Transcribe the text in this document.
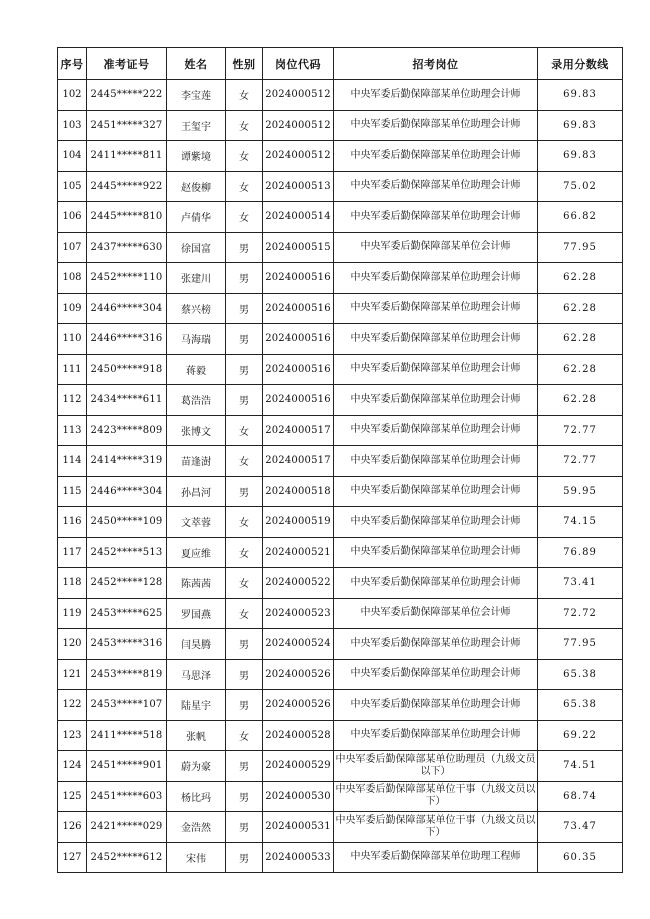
序号	准考证号	姓名	性别	岗位代码	招考岗位	录用分数线
102	2445*****222	李宝莲	女	2024000512	中央军委后勤保障部某单位助理会计师	69.83
103	2451*****327	王玺宇	女	2024000512	中央军委后勤保障部某单位助理会计师	69.83
104	2411*****811	谭紫境	女	2024000512	中央军委后勤保障部某单位助理会计师	69.83
105	2445*****922	赵俊柳	女	2024000513	中央军委后勤保障部某单位助理会计师	75.02
106	2445*****810	卢倩华	女	2024000514	中央军委后勤保障部某单位助理会计师	66.82
107	2437*****630	徐国富	男	2024000515	中央军委后勤保障部某单位会计师	77.95
108	2452*****110	张建川	男	2024000516	中央军委后勤保障部某单位助理会计师	62.28
109	2446*****304	蔡兴榜	男	2024000516	中央军委后勤保障部某单位助理会计师	62.28
110	2446*****316	马海瑞	男	2024000516	中央军委后勤保障部某单位助理会计师	62.28
111	2450*****918	蒋毅	男	2024000516	中央军委后勤保障部某单位助理会计师	62.28
112	2434*****611	葛浩浩	男	2024000516	中央军委后勤保障部某单位助理会计师	62.28
113	2423*****809	张博文	女	2024000517	中央军委后勤保障部某单位助理会计师	72.77
114	2414*****319	苗逢澍	女	2024000517	中央军委后勤保障部某单位助理会计师	72.77
115	2446*****304	孙昌河	男	2024000518	中央军委后勤保障部某单位助理会计师	59.95
116	2450*****109	文萃蓉	女	2024000519	中央军委后勤保障部某单位助理会计师	74.15
117	2452*****513	夏应维	女	2024000521	中央军委后勤保障部某单位助理会计师	76.89
118	2452*****128	陈茜茜	女	2024000522	中央军委后勤保障部某单位助理会计师	73.41
119	2453*****625	罗国燕	女	2024000523	中央军委后勤保障部某单位会计师	72.72
120	2453*****316	闫昊腾	男	2024000524	中央军委后勤保障部某单位助理会计师	77.95
121	2453*****819	马思泽	男	2024000526	中央军委后勤保障部某单位助理会计师	65.38
122	2453*****107	陆星宇	男	2024000526	中央军委后勤保障部某单位助理会计师	65.38
123	2411*****518	张帆	女	2024000528	中央军委后勤保障部某单位助理会计师	69.22
124	2451*****901	蔚为豪	男	2024000529	中央军委后勤保障部某单位助理员（九级文员以下）	74.51
125	2451*****603	杨比玛	男	2024000530	中央军委后勤保障部某单位干事（九级文员以下）	68.74
126	2421*****029	金浩然	男	2024000531	中央军委后勤保障部某单位干事（九级文员以下）	73.47
127	2452*****612	宋伟	男	2024000533	中央军委后勤保障部某单位助理工程师	60.35
